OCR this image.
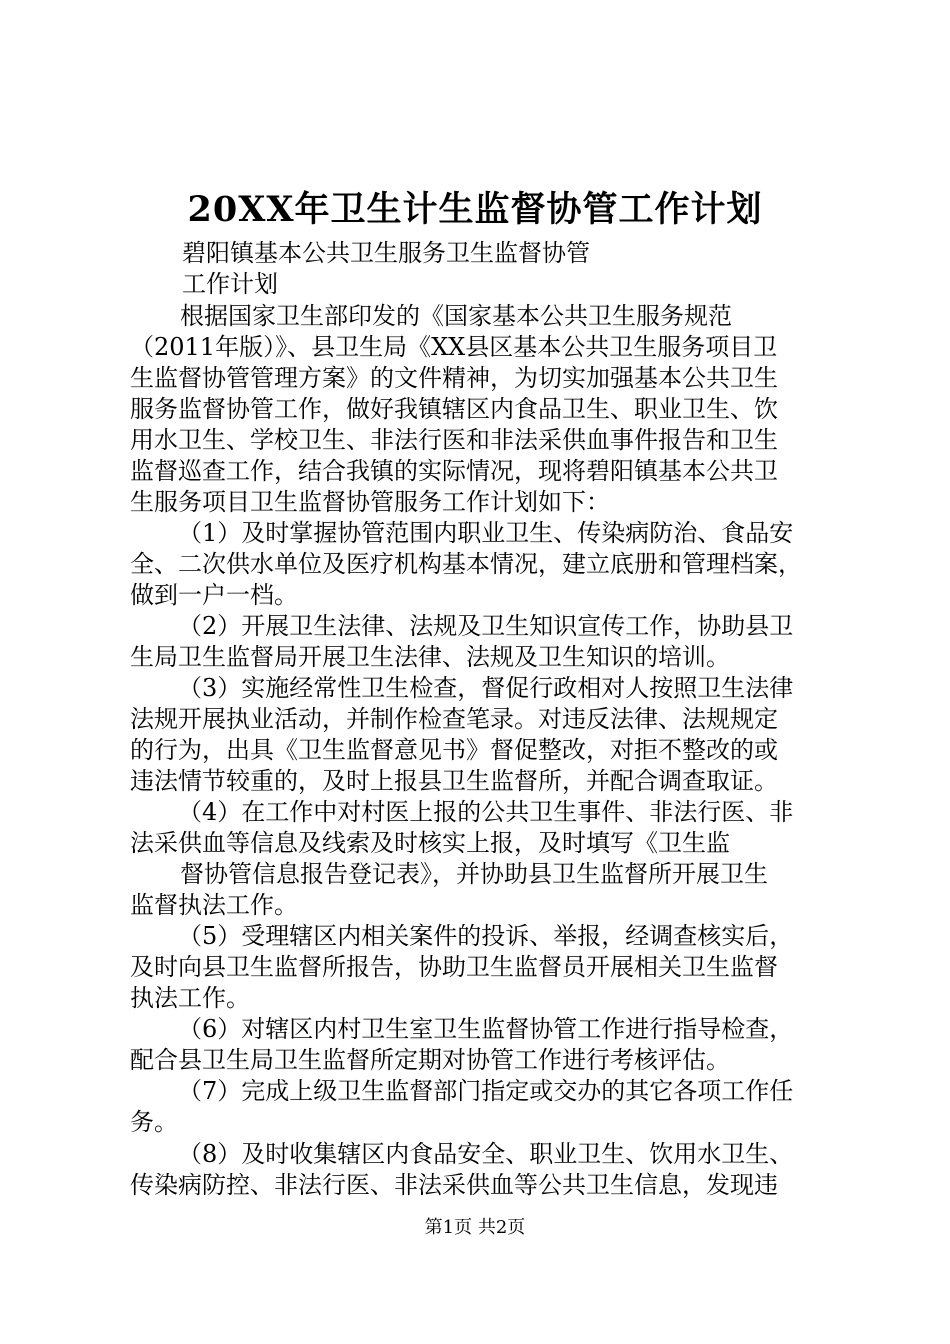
20XX年卫生计生监督协管工作计划
碧阳镇基本公共卫生服务卫生监督协管
工作计划
根据国家卫生部印发的《国家基本公共卫生服务规范
（2011年版）》、县卫生局《XX县区基本公共卫生服务项目卫
生监督协管管理方案》的文件精神，为切实加强基本公共卫生
服务监督协管工作，做好我镇辖区内食品卫生、职业卫生、饮
用水卫生、学校卫生、非法行医和非法采供血事件报告和卫生
监督巡查工作，结合我镇的实际情况，现将碧阳镇基本公共卫
生服务项目卫生监督协管服务工作计划如下：
（1）及时掌握协管范围内职业卫生、传染病防治、食品安
全、二次供水单位及医疗机构基本情况，建立底册和管理档案，
做到一户一档。
（2）开展卫生法律、法规及卫生知识宣传工作，协助县卫
生局卫生监督局开展卫生法律、法规及卫生知识的培训。
（3）实施经常性卫生检查，督促行政相对人按照卫生法律
法规开展执业活动，并制作检查笔录。对违反法律、法规规定
的行为，出具《卫生监督意见书》督促整改，对拒不整改的或
违法情节较重的，及时上报县卫生监督所，并配合调查取证。
（4）在工作中对村医上报的公共卫生事件、非法行医、非
法采供血等信息及线索及时核实上报，及时填写《卫生监
督协管信息报告登记表》，并协助县卫生监督所开展卫生
监督执法工作。
（5）受理辖区内相关案件的投诉、举报，经调查核实后，
及时向县卫生监督所报告，协助卫生监督员开展相关卫生监督
执法工作。
（6）对辖区内村卫生室卫生监督协管工作进行指导检查，
配合县卫生局卫生监督所定期对协管工作进行考核评估。
（7）完成上级卫生监督部门指定或交办的其它各项工作任
务。
（8）及时收集辖区内食品安全、职业卫生、饮用水卫生、
传染病防控、非法行医、非法采供血等公共卫生信息，发现违
第1页 共2页
